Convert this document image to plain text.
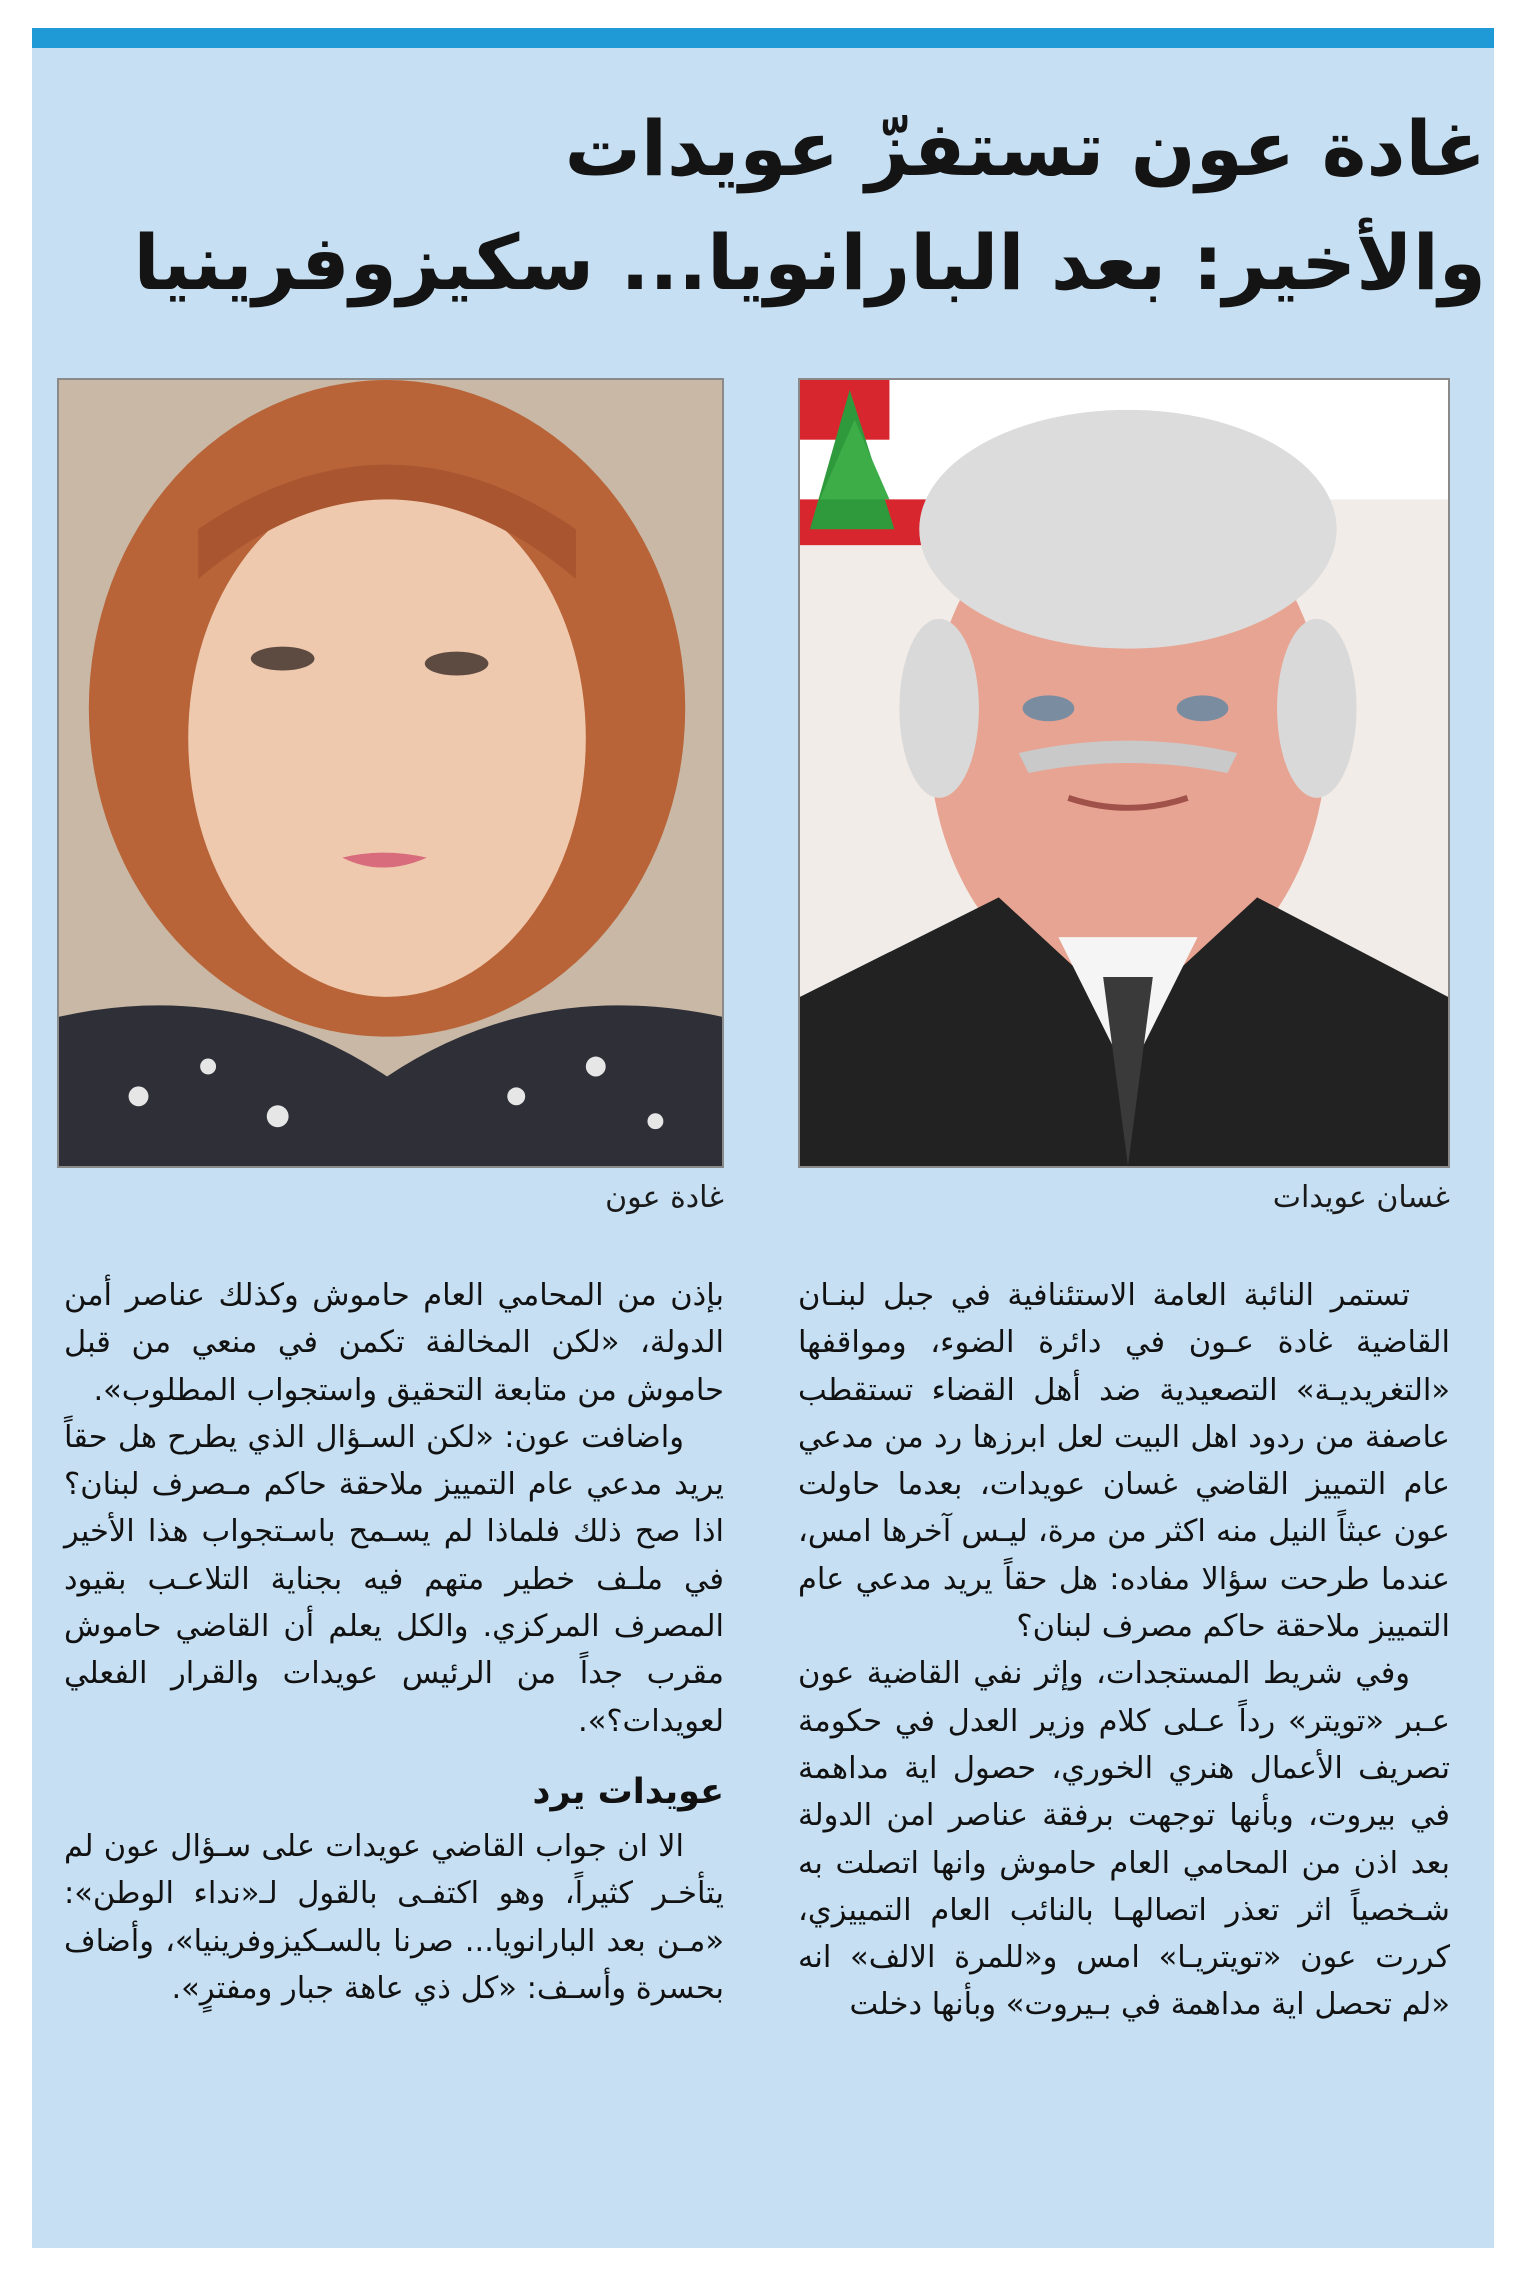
غادة عون تستفزّ عويدات
والأخير: بعد البارانويا... سكيزوفرينيا
غسان عويدات
غادة عون

تستمر النائبة العامة الاستئنافية في جبل لبنـان القاضية غادة عـون في دائرة الضوء، ومواقفها «التغريديـة» التصعيدية ضد أهل القضاء تستقطب عاصفة من ردود اهل البيت لعل ابرزها رد من مدعي عام التمييز القاضي غسان عويدات، بعدما حاولت عون عبثاً النيل منه اكثر من مرة، ليـس آخرها امس، عندما طرحت سؤالا مفاده: هل حقاً يريد مدعي عام التمييز ملاحقة حاكم مصرف لبنان؟

وفي شريط المستجدات، وإثر نفي القاضية عون عـبر «تويتر» رداً عـلى كلام وزير العدل في حكومة تصريف الأعمال هنري الخوري، حصول اية مداهمة في بيروت، وبأنها توجهت برفقة عناصر امن الدولة بعد اذن من المحامي العام حاموش وانها اتصلت به شـخصياً اثر تعذر اتصالهـا بالنائب العام التمييزي، كررت عون «تويتريـا» امس و«للمرة الالف» انه «لم تحصل اية مداهمة في بـيروت» وبأنها دخلت

بإذن من المحامي العام حاموش وكذلك عناصر أمن الدولة، «لكن المخالفة تكمن في منعي من قبل حاموش من متابعة التحقيق واستجواب المطلوب».

واضافت عون: «لكن السـؤال الذي يطرح هل حقاً يريد مدعي عام التمييز ملاحقة حاكم مـصرف لبنان؟ اذا صح ذلك فلماذا لم يسـمح باسـتجواب هذا الأخير في ملـف خطير متهم فيه بجناية التلاعـب بقيود المصرف المركزي. والكل يعلم أن القاضي حاموش مقرب جداً من الرئيس عويدات والقرار الفعلي لعويدات؟».

عويدات يرد

الا ان جواب القاضي عويدات على سـؤال عون لم يتأخـر كثيراً، وهو اكتفـى بالقول لـ«نداء الوطن»: «مـن بعد البارانويا... صرنا بالسـكيزوفرينيا»، وأضاف بحسرة وأسـف: «كل ذي عاهة جبار ومفترٍ».
